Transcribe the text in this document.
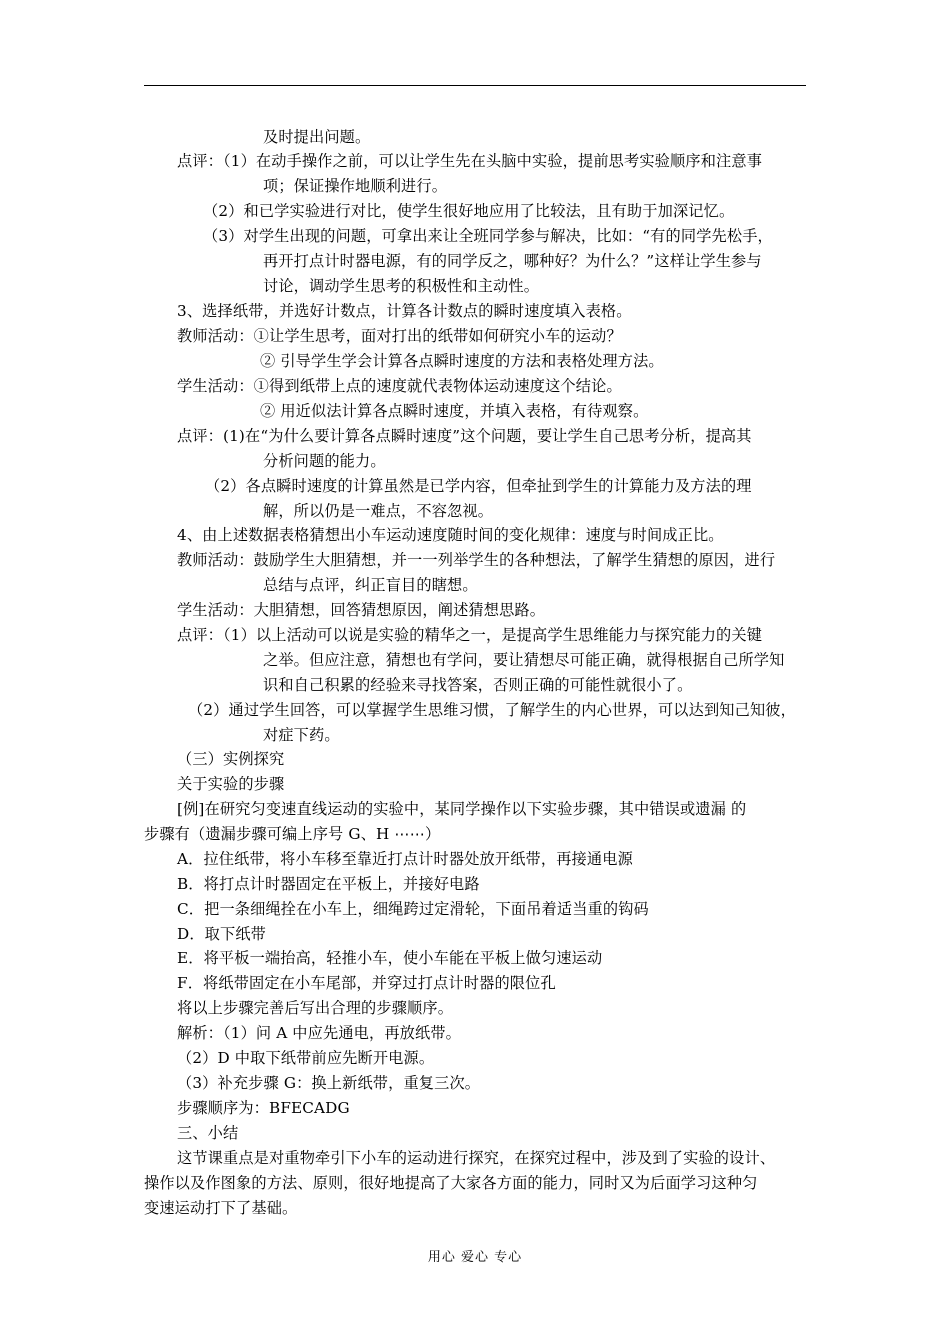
及时提出问题。
点评：（1）在动手操作之前，可以让学生先在头脑中实验，提前思考实验顺序和注意事
项；保证操作地顺利进行。
（2）和已学实验进行对比，使学生很好地应用了比较法，且有助于加深记忆。
（3）对学生出现的问题，可拿出来让全班同学参与解决，比如：“有的同学先松手，
再开打点计时器电源，有的同学反之，哪种好？为什么？”这样让学生参与
讨论，调动学生思考的积极性和主动性。
3、选择纸带，并选好计数点，计算各计数点的瞬时速度填入表格。
教师活动：①让学生思考，面对打出的纸带如何研究小车的运动？
② 引导学生学会计算各点瞬时速度的方法和表格处理方法。
学生活动：①得到纸带上点的速度就代表物体运动速度这个结论。
② 用近似法计算各点瞬时速度，并填入表格，有待观察。
点评：(1)在“为什么要计算各点瞬时速度”这个问题，要让学生自己思考分析，提高其
分析问题的能力。
（2）各点瞬时速度的计算虽然是已学内容，但牵扯到学生的计算能力及方法的理
解，所以仍是一难点，不容忽视。
4、由上述数据表格猜想出小车运动速度随时间的变化规律：速度与时间成正比。
教师活动：鼓励学生大胆猜想，并一一列举学生的各种想法，了解学生猜想的原因，进行
总结与点评，纠正盲目的瞎想。
学生活动：大胆猜想，回答猜想原因，阐述猜想思路。
点评：（1）以上活动可以说是实验的精华之一，是提高学生思维能力与探究能力的关键
之举。但应注意，猜想也有学问，要让猜想尽可能正确，就得根据自己所学知
识和自己积累的经验来寻找答案，否则正确的可能性就很小了。
（2）通过学生回答，可以掌握学生思维习惯，了解学生的内心世界，可以达到知己知彼，
对症下药。
（三）实例探究
关于实验的步骤
[例]在研究匀变速直线运动的实验中，某同学操作以下实验步骤，其中错误或遗漏 的
步骤有（遗漏步骤可编上序号 G、H ⋯⋯）
A．拉住纸带，将小车移至靠近打点计时器处放开纸带，再接通电源
B．将打点计时器固定在平板上，并接好电路
C．把一条细绳拴在小车上，细绳跨过定滑轮，下面吊着适当重的钩码
D．取下纸带
E．将平板一端抬高，轻推小车，使小车能在平板上做匀速运动
F．将纸带固定在小车尾部，并穿过打点计时器的限位孔
将以上步骤完善后写出合理的步骤顺序。
解析：（1）问 A 中应先通电，再放纸带。
（2）D 中取下纸带前应先断开电源。
（3）补充步骤 G：换上新纸带，重复三次。
步骤顺序为：BFECADG
三、小结
这节课重点是对重物牵引下小车的运动进行探究，在探究过程中，涉及到了实验的设计、
操作以及作图象的方法、原则，很好地提高了大家各方面的能力，同时又为后面学习这种匀
变速运动打下了基础。
用心 爱心 专心
